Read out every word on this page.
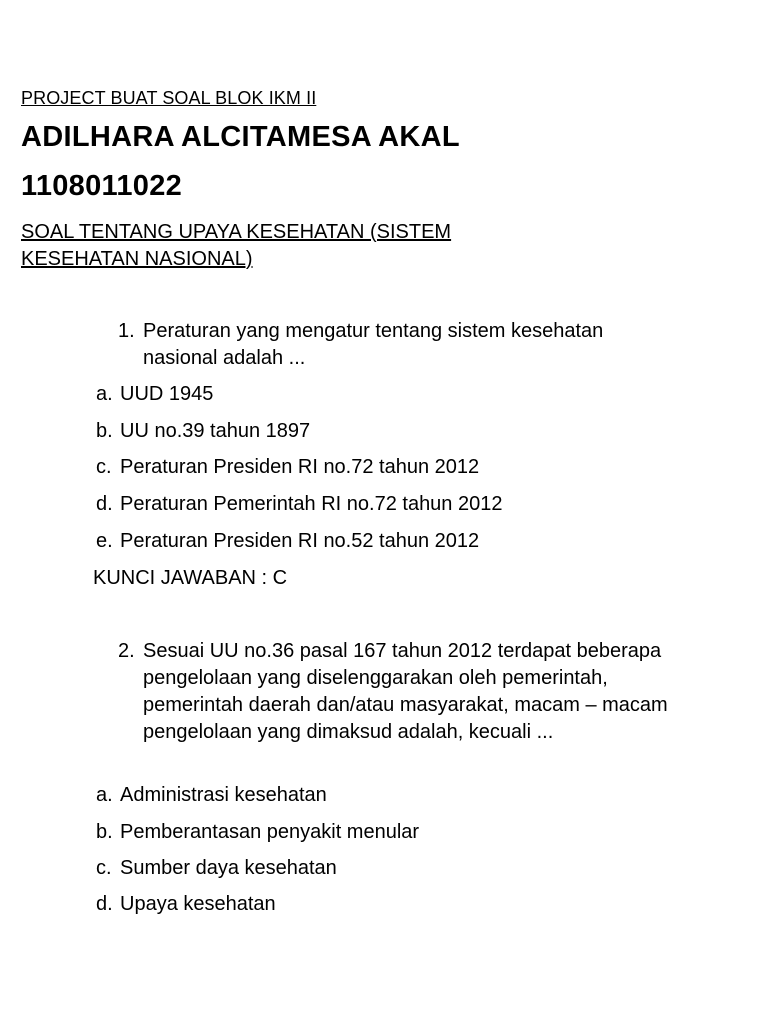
PROJECT BUAT SOAL BLOK IKM II
ADILHARA ALCITAMESA AKAL
1108011022
SOAL TENTANG UPAYA KESEHATAN (SISTEM KESEHATAN NASIONAL)
1. Peraturan yang mengatur tentang sistem kesehatan nasional adalah ...
a. UUD 1945
b. UU no.39 tahun 1897
c. Peraturan Presiden RI no.72 tahun 2012
d. Peraturan Pemerintah RI no.72 tahun 2012
e. Peraturan Presiden RI no.52 tahun 2012
KUNCI JAWABAN : C
2. Sesuai UU no.36 pasal 167 tahun 2012 terdapat beberapa pengelolaan yang diselenggarakan oleh pemerintah, pemerintah daerah dan/atau masyarakat, macam – macam pengelolaan yang dimaksud adalah, kecuali ...
a. Administrasi kesehatan
b. Pemberantasan penyakit menular
c. Sumber daya kesehatan
d. Upaya kesehatan
